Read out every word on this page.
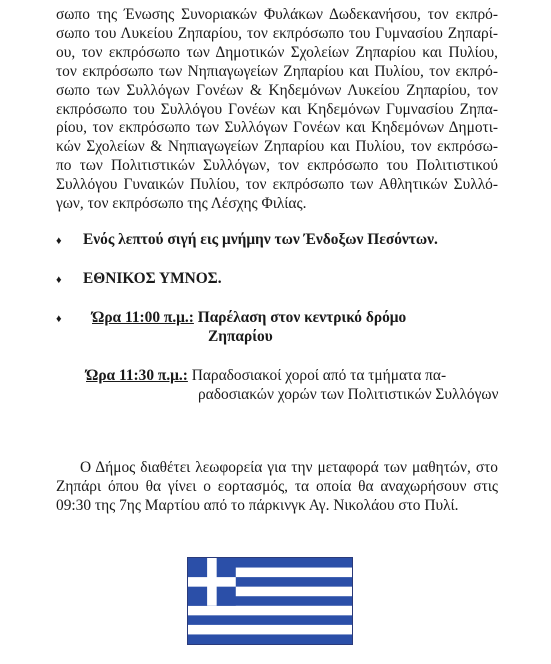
σωπο της Ένωσης Συνοριακών Φυλάκων Δωδεκανήσου, τον εκπρό-
σωπο του Λυκείου Ζηπαρίου, τον εκπρόσωπο του Γυμνασίου Ζηπαρί-
ου, τον εκπρόσωπο των Δημοτικών Σχολείων Ζηπαρίου και Πυλίου,
τον εκπρόσωπο των Νηπιαγωγείων Ζηπαρίου και Πυλίου, τον εκπρό-
σωπο των Συλλόγων Γονέων & Κηδεμόνων Λυκείου Ζηπαρίου, τον
εκπρόσωπο του Συλλόγου Γονέων και Κηδεμόνων Γυμνασίου Ζηπα-
ρίου, τον εκπρόσωπο των Συλλόγων Γονέων και Κηδεμόνων Δημοτι-
κών Σχολείων & Νηπιαγωγείων Ζηπαρίου και Πυλίου, τον εκπρόσω-
πο των Πολιτιστικών Συλλόγων, τον εκπρόσωπο του Πολιτιστικού
Συλλόγου Γυναικών Πυλίου, τον εκπρόσωπο των Αθλητικών Συλλό-
γων, τον εκπρόσωπο της Λέσχης Φιλίας.
♦ Ενός λεπτού σιγή εις μνήμην των Ένδοξων Πεσόντων.
♦ ΕΘΝΙΚΟΣ ΥΜΝΟΣ.
♦ Ώρα 11:00 π.μ.: Παρέλαση στον κεντρικό δρόμο
Ζηπαρίου
Ώρα 11:30 π.μ.: Παραδοσιακοί χοροί από τα τμήματα πα-
ραδοσιακών χορών των Πολιτιστικών Συλλόγων
Ο Δήμος διαθέτει λεωφορεία για την μεταφορά των μαθητών, στο
Ζηπάρι όπου θα γίνει ο εορτασμός, τα οποία θα αναχωρήσουν στις
09:30 της 7ης Μαρτίου από το πάρκινγκ Αγ. Νικολάου στο Πυλί.
